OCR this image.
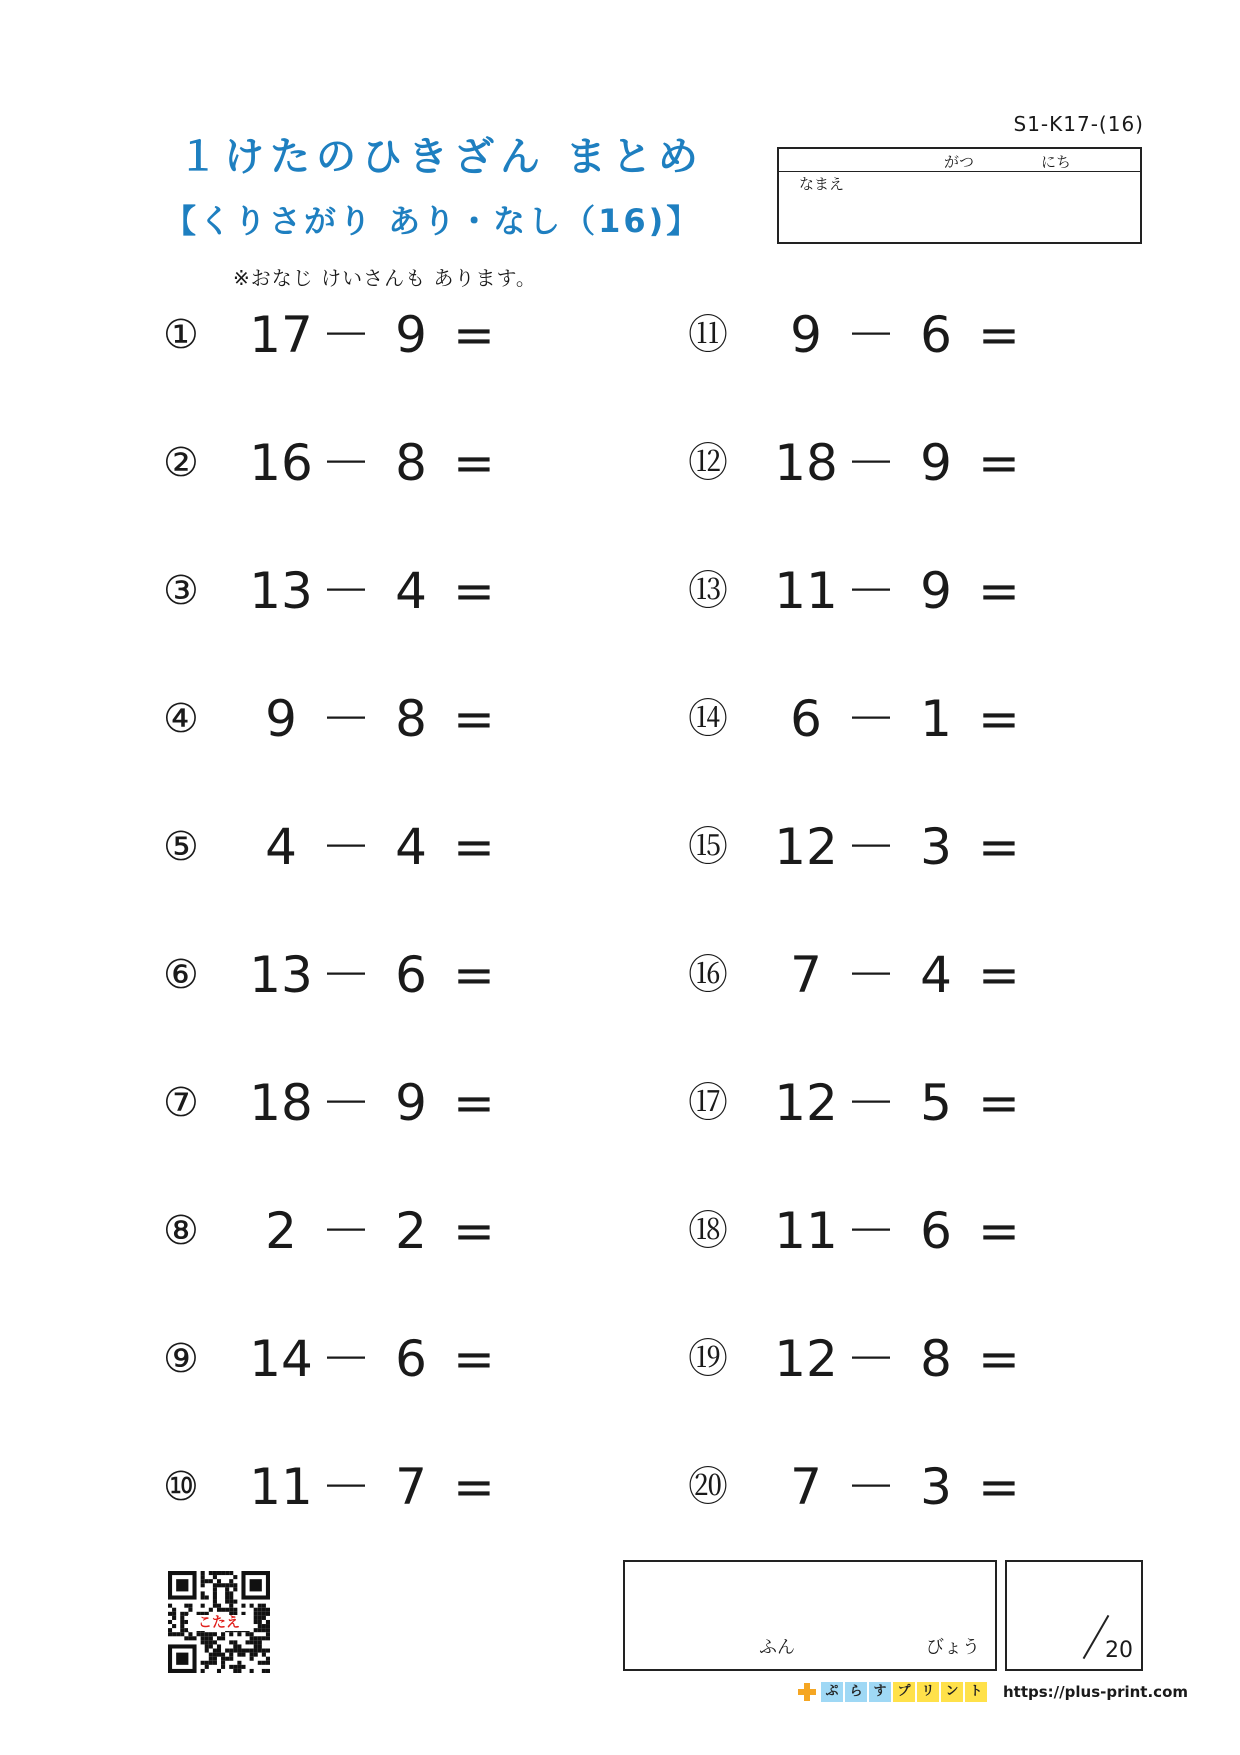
S1-K17-(16)
１けたのひきざん まとめ
【くりさがり あり・なし（16)】
※おなじ けいさんも あります。
がつ	にち
なまえ
① 17 － 9 =
② 16 － 8 =
③ 13 － 4 =
④	9 － 8 =
⑤	4 － 4 =
⑥ 13 － 6 =
⑦ 18 － 9 =
⑧	2 － 2 =
⑨ 14 － 6 =
⑩ 11 － 7 =
⑪	9 － 6 =
⑫ 18 － 9 =
⑬ 11 － 9 =
⑭	6 － 1 =
⑮ 12 － 3 =
⑯	7 － 4 =
⑰ 12 － 5 =
⑱ 11 － 6 =
⑲ 12 － 8 =
⑳	7 － 3 =
こたえ
ふん	びょう	20
ぷ ら す プ リ ン ト	https://plus-print.com
